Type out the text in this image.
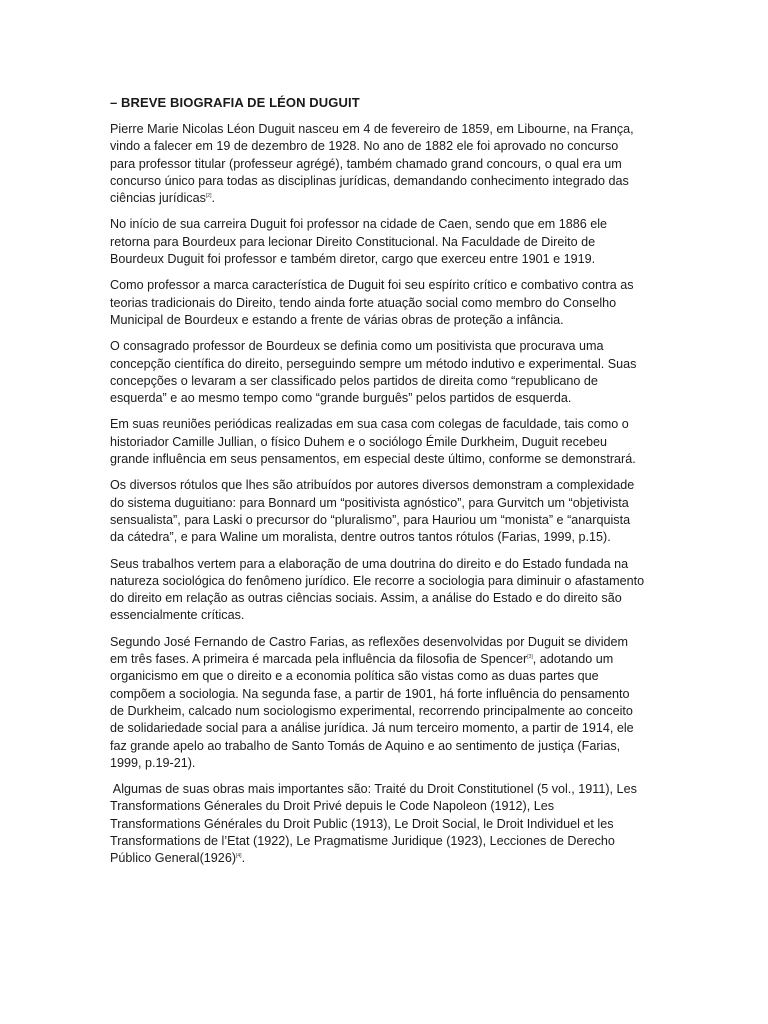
– BREVE BIOGRAFIA DE LÉON DUGUIT
Pierre Marie Nicolas Léon Duguit nasceu em 4 de fevereiro de 1859, em Libourne, na França,
vindo a falecer em 19 de dezembro de 1928. No ano de 1882 ele foi aprovado no concurso
para professor titular (professeur agrégé), também chamado grand concours, o qual era um
concurso único para todas as disciplinas jurídicas, demandando conhecimento integrado das
ciências jurídicas[2].
No início de sua carreira Duguit foi professor na cidade de Caen, sendo que em 1886 ele
retorna para Bourdeux para lecionar Direito Constitucional. Na Faculdade de Direito de
Bourdeux Duguit foi professor e também diretor, cargo que exerceu entre 1901 e 1919.
Como professor a marca característica de Duguit foi seu espírito crítico e combativo contra as
teorias tradicionais do Direito, tendo ainda forte atuação social como membro do Conselho
Municipal de Bourdeux e estando a frente de várias obras de proteção a infância.
O consagrado professor de Bourdeux se definia como um positivista que procurava uma
concepção científica do direito, perseguindo sempre um método indutivo e experimental. Suas
concepções o levaram a ser classificado pelos partidos de direita como “republicano de
esquerda” e ao mesmo tempo como “grande burguês” pelos partidos de esquerda.
Em suas reuniões periódicas realizadas em sua casa com colegas de faculdade, tais como o
historiador Camille Jullian, o físico Duhem e o sociólogo Émile Durkheim, Duguit recebeu
grande influência em seus pensamentos, em especial deste último, conforme se demonstrará.
Os diversos rótulos que lhes são atribuídos por autores diversos demonstram a complexidade
do sistema duguitiano: para Bonnard um “positivista agnóstico”, para Gurvitch um “objetivista
sensualista”, para Laski o precursor do “pluralismo”, para Hauriou um “monista” e “anarquista
da cátedra”, e para Waline um moralista, dentre outros tantos rótulos (Farias, 1999, p.15).
Seus trabalhos vertem para a elaboração de uma doutrina do direito e do Estado fundada na
natureza sociológica do fenômeno jurídico. Ele recorre a sociologia para diminuir o afastamento
do direito em relação as outras ciências sociais. Assim, a análise do Estado e do direito são
essencialmente críticas.
Segundo José Fernando de Castro Farias, as reflexões desenvolvidas por Duguit se dividem
em três fases. A primeira é marcada pela influência da filosofia de Spencer[3], adotando um
organicismo em que o direito e a economia política são vistas como as duas partes que
compõem a sociologia. Na segunda fase, a partir de 1901, há forte influência do pensamento
de Durkheim, calcado num sociologismo experimental, recorrendo principalmente ao conceito
de solidariedade social para a análise jurídica. Já num terceiro momento, a partir de 1914, ele
faz grande apelo ao trabalho de Santo Tomás de Aquino e ao sentimento de justiça (Farias,
1999, p.19-21).
Algumas de suas obras mais importantes são: Traité du Droit Constitutionel (5 vol., 1911), Les
Transformations Génerales du Droit Privé depuis le Code Napoleon (1912), Les
Transformations Générales du Droit Public (1913), Le Droit Social, le Droit Individuel et les
Transformations de l’Etat (1922), Le Pragmatisme Juridique (1923), Lecciones de Derecho
Público General(1926)[4].
